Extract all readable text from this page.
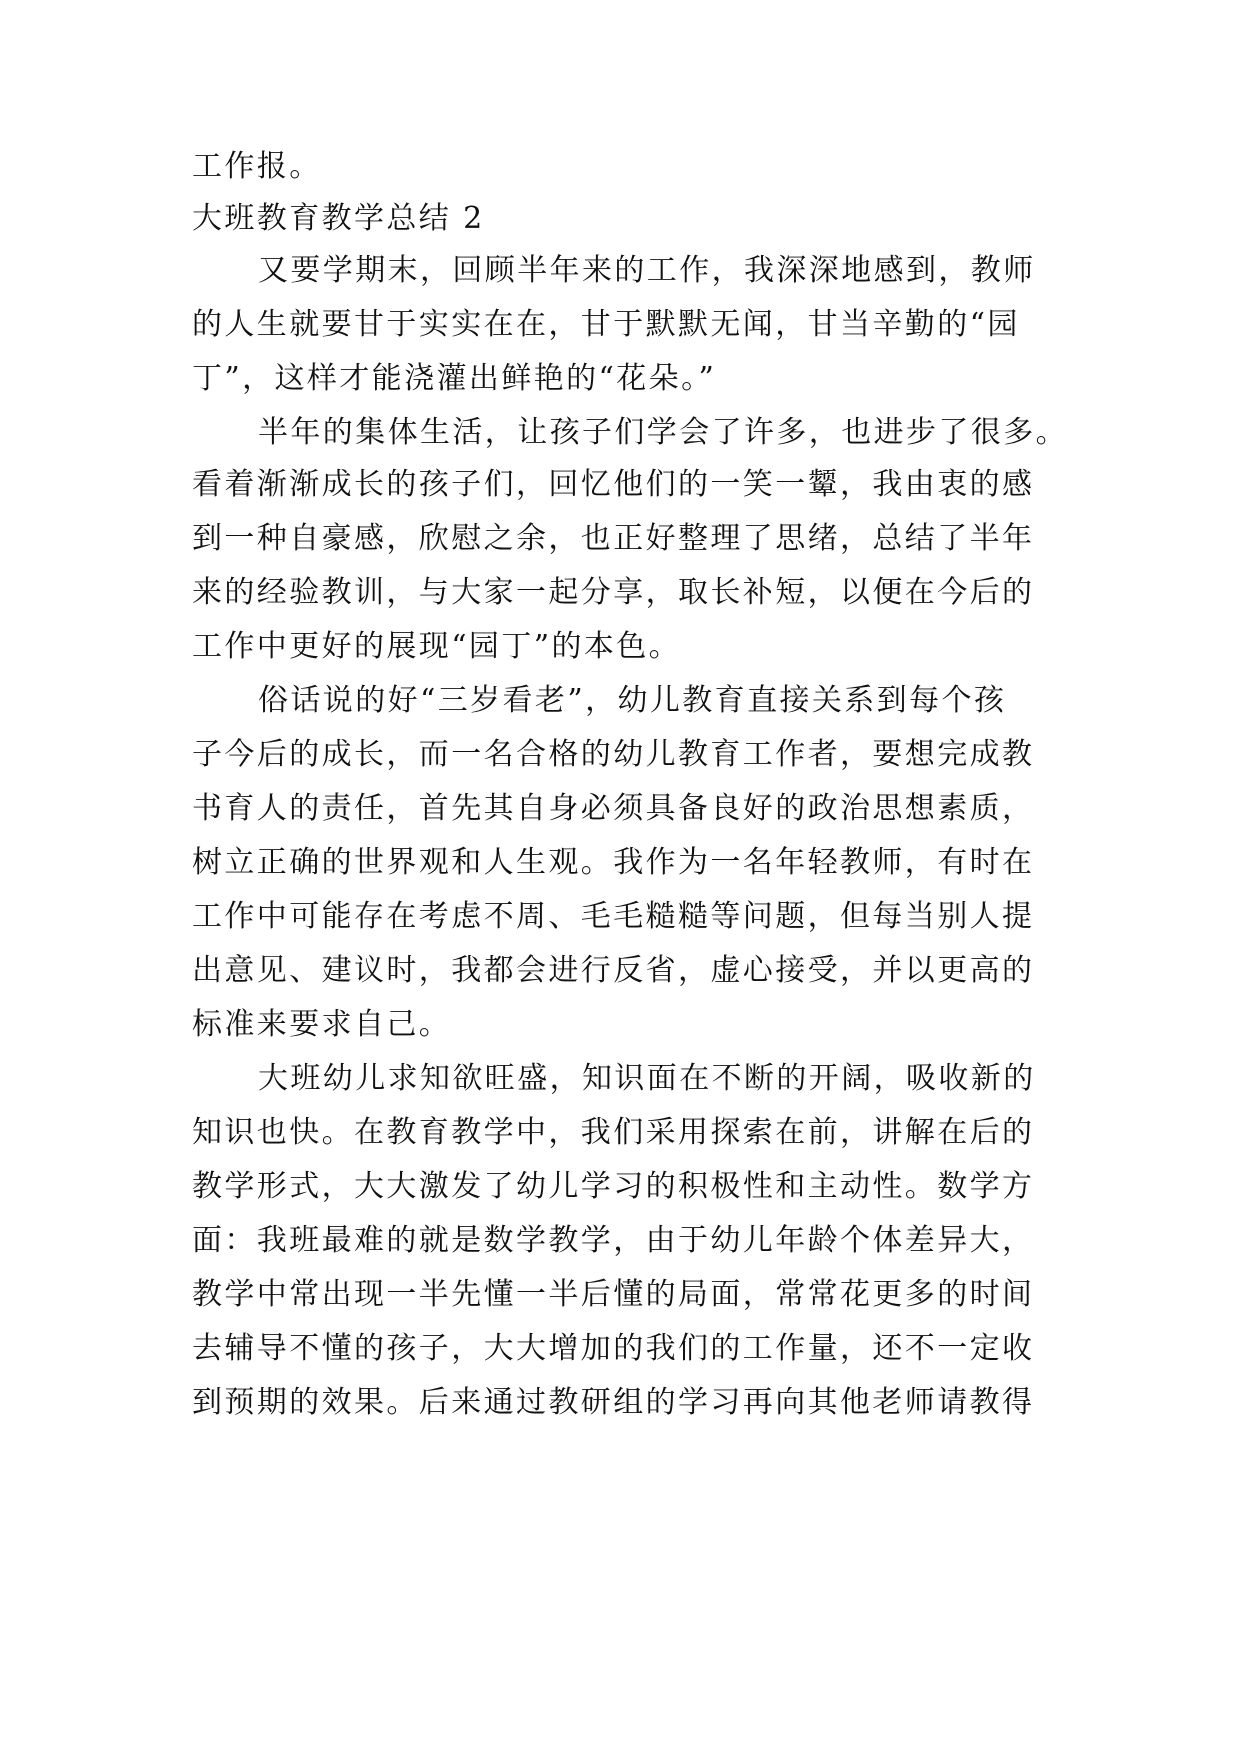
工作报。
大班教育教学总结 2
又要学期末，回顾半年来的工作，我深深地感到，教师
的人生就要甘于实实在在，甘于默默无闻，甘当辛勤的“园
丁”，这样才能浇灌出鲜艳的“花朵。”
半年的集体生活，让孩子们学会了许多，也进步了很多。
看着渐渐成长的孩子们，回忆他们的一笑一颦，我由衷的感
到一种自豪感，欣慰之余，也正好整理了思绪，总结了半年
来的经验教训，与大家一起分享，取长补短，以便在今后的
工作中更好的展现“园丁”的本色。
俗话说的好“三岁看老”，幼儿教育直接关系到每个孩
子今后的成长，而一名合格的幼儿教育工作者，要想完成教
书育人的责任，首先其自身必须具备良好的政治思想素质，
树立正确的世界观和人生观。我作为一名年轻教师，有时在
工作中可能存在考虑不周、毛毛糙糙等问题，但每当别人提
出意见、建议时，我都会进行反省，虚心接受，并以更高的
标准来要求自己。
大班幼儿求知欲旺盛，知识面在不断的开阔，吸收新的
知识也快。在教育教学中，我们采用探索在前，讲解在后的
教学形式，大大激发了幼儿学习的积极性和主动性。数学方
面：我班最难的就是数学教学，由于幼儿年龄个体差异大，
教学中常出现一半先懂一半后懂的局面，常常花更多的时间
去辅导不懂的孩子，大大增加的我们的工作量，还不一定收
到预期的效果。后来通过教研组的学习再向其他老师请教得
